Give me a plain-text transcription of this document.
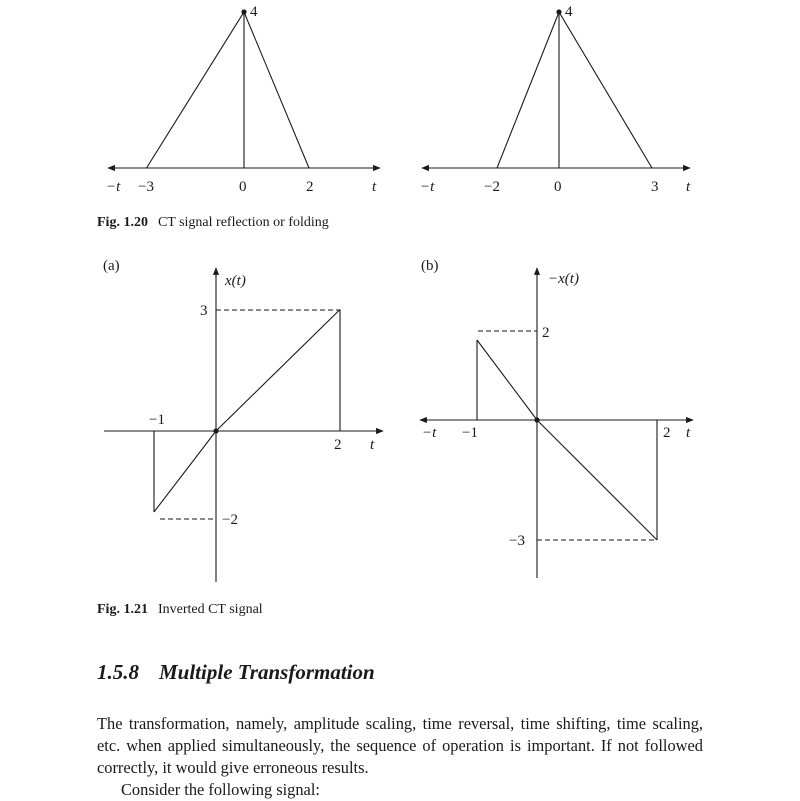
4
−t −3	0	2	t
4
−t	−2	0	3 t
(a)
x(t)
3
−1
2 t
−2
(b)
−x(t)
2
−t −1	2 t
−3
Fig. 1.20 CT signal reflection or folding
Fig. 1.21 Inverted CT signal
1.5.8 Multiple Transformation

The transformation, namely, amplitude scaling, time reversal, time shifting, time scaling, etc. when applied simultaneously, the sequence of operation is important. If not followed correctly, it would give erroneous results.

Consider the following signal:
